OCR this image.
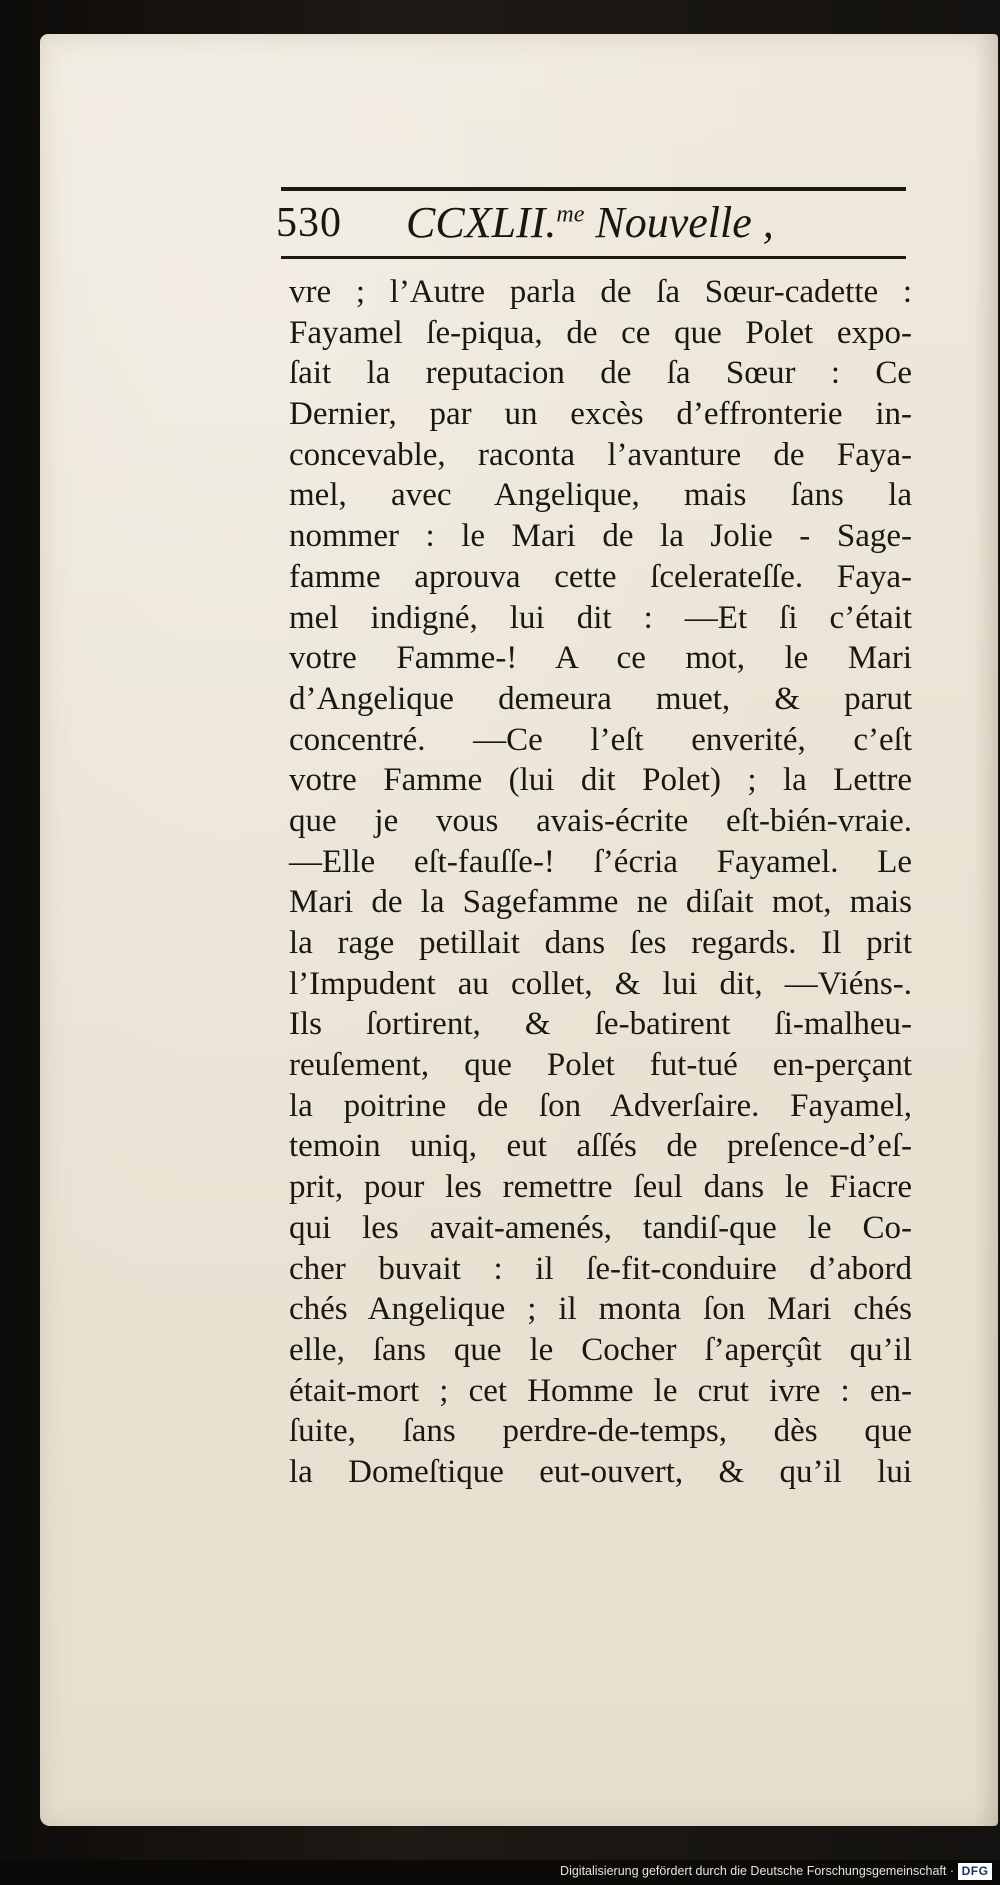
530 CCXLII.$^{me}$ Nouvelle ,
vre ; l’Autre parla de ſa Sœur-cadette :
Fayamel ſe-piqua, de ce que Polet expo-
ſait la reputacion de ſa Sœur : Ce
Dernier, par un excès d’effronterie in-
concevable, raconta l’avanture de Faya-
mel, avec Angelique, mais ſans la
nommer : le Mari de la Jolie - Sage-
famme aprouva cette ſceleratеſſe. Faya-
mel indigné, lui dit : —Et ſi c’était
votre Famme-! A ce mot, le Mari
d’Angelique demeura muet, & parut
concentré. —Ce l’eſt enverité, c’eſt
votre Famme (lui dit Polet) ; la Lettre
que je vous avais-écrite eſt-bién-vraie.
—Elle eſt-fauſſe-! ſ’écria Fayamel. Le
Mari de la Sagefamme ne diſait mot, mais
la rage petillait dans ſes regards. Il prit
l’Impudent au collet, & lui dit, —Viéns-.
Ils ſortirent, & ſe-batirent ſi-malheu-
reuſement, que Polet fut-tué en-perçant
la poitrine de ſon Adverſaire. Fayamel,
temoin uniq, eut aſſés de preſence-d’eſ-
prit, pour les remettre ſeul dans le Fiacre
qui les avait-amenés, tandiſ-que le Co-
cher buvait : il ſe-fit-conduire d’abord
chés Angelique ; il monta ſon Mari chés
elle, ſans que le Cocher ſ’aperçût qu’il
était-mort ; cet Homme le crut ivre : en-
ſuite, ſans perdre-de-temps, dès que
la Domeſtique eut-ouvert, & qu’il lui
Digitalisierung gefördert durch die Deutsche Forschungsgemeinschaft · DFG
